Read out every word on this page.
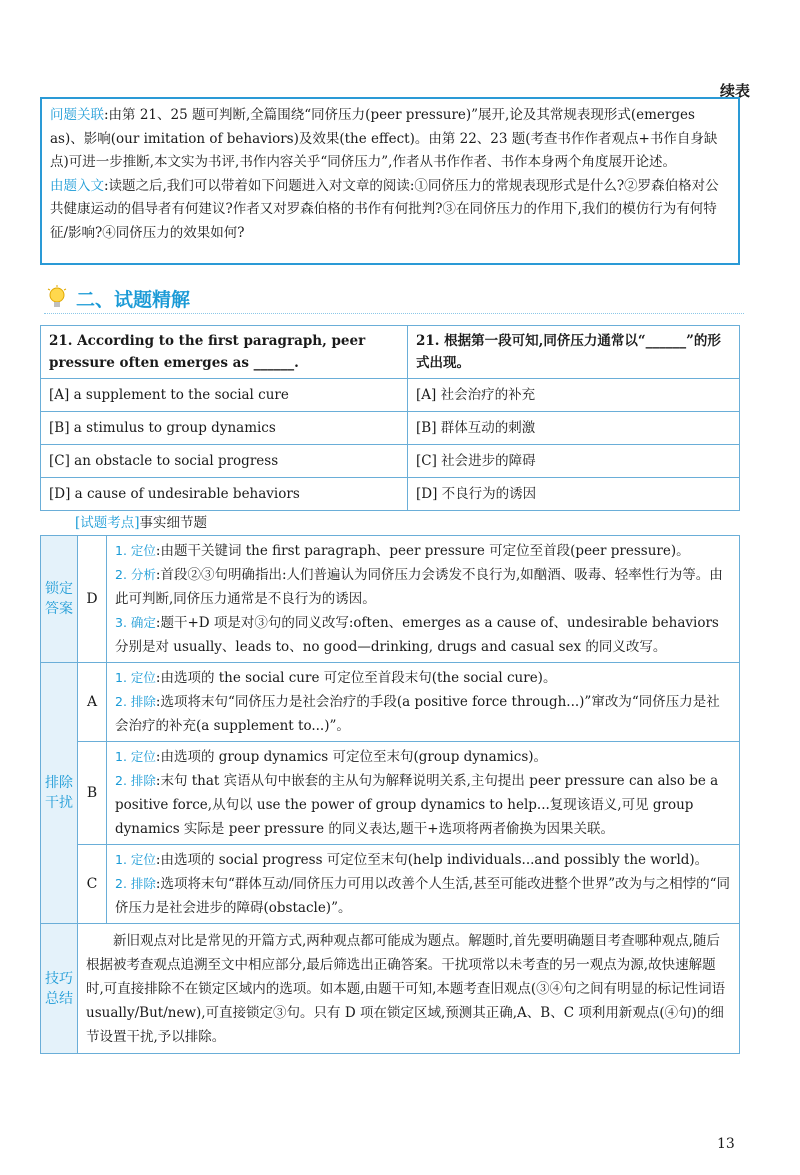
续表

问题关联:由第 21、25 题可判断,全篇围绕“同侪压力(peer pressure)”展开,论及其常规表现形式(emerges as)、影响(our imitation of behaviors)及效果(the effect)。由第 22、23 题(考查书作作者观点+书作自身缺点)可进一步推断,本文实为书评,书作内容关乎“同侪压力”,作者从书作作者、书作本身两个角度展开论述。

由题入文:读题之后,我们可以带着如下问题进入对文章的阅读:①同侪压力的常规表现形式是什么?②罗森伯格对公共健康运动的倡导者有何建议?作者又对罗森伯格的书作有何批判?③在同侪压力的作用下,我们的模仿行为有何特征/影响?④同侪压力的效果如何?

二、试题精解
21. According to the first paragraph, peer pressure often emerges as ______.	21. 根据第一段可知,同侪压力通常以“______”的形式出现。
[A] a supplement to the social cure	[A] 社会治疗的补充
[B] a stimulus to group dynamics	[B] 群体互动的刺激
[C] an obstacle to social progress	[C] 社会进步的障碍
[D] a cause of undesirable behaviors	[D] 不良行为的诱因
[试题考点]事实细节题
锁定答案	D	1. 定位:由题干关键词 the first paragraph、peer pressure 可定位至首段(peer pressure)。

2. 分析:首段②③句明确指出:人们普遍认为同侪压力会诱发不良行为,如酗酒、吸毒、轻率性行为等。由此可判断,同侪压力通常是不良行为的诱因。

3. 确定:题干+D 项是对③句的同义改写:often、emerges as a cause of、undesirable behaviors 分别是对 usually、leads to、no good—drinking, drugs and casual sex 的同义改写。

排除干扰	A	1. 定位:由选项的 the social cure 可定位至首段末句(the social cure)。

2. 排除:选项将末句“同侪压力是社会治疗的手段(a positive force through...)”窜改为“同侪压力是社会治疗的补充(a supplement to...)”。

	B	1. 定位:由选项的 group dynamics 可定位至末句(group dynamics)。

2. 排除:末句 that 宾语从句中嵌套的主从句为解释说明关系,主句提出 peer pressure can also be a positive force,从句以 use the power of group dynamics to help...复现该语义,可见 group dynamics 实际是 peer pressure 的同义表达,题干+选项将两者偷换为因果关联。

	C	1. 定位:由选项的 social progress 可定位至末句(help individuals...and possibly the world)。

2. 排除:选项将末句“群体互动/同侪压力可用以改善个人生活,甚至可能改进整个世界”改为与之相悖的“同侪压力是社会进步的障碍(obstacle)”。

技巧总结	新旧观点对比是常见的开篇方式,两种观点都可能成为题点。解题时,首先要明确题目考查哪种观点,随后根据被考查观点追溯至文中相应部分,最后筛选出正确答案。干扰项常以未考查的另一观点为源,故快速解题时,可直接排除不在锁定区域内的选项。如本题,由题干可知,本题考查旧观点(③④句之间有明显的标记性词语 usually/But/new),可直接锁定③句。只有 D 项在锁定区域,预测其正确,A、B、C 项利用新观点(④句)的细节设置干扰,予以排除。	
13
